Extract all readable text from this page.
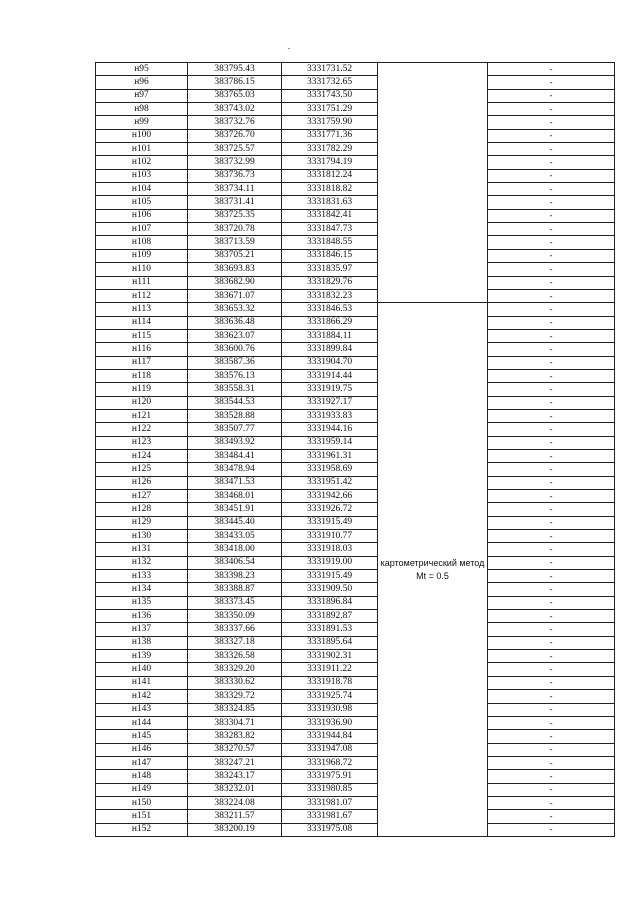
н95	383795.43	3331731.52		-
н96	383786.15	3331732.65		-
н97	383765.03	3331743.50		-
н98	383743.02	3331751.29		-
н99	383732.76	3331759.90		-
н100	383726.70	3331771.36		-
н101	383725.57	3331782.29		-
н102	383732.99	3331794.19		-
н103	383736.73	3331812.24		-
н104	383734.11	3331818.82		-
н105	383731.41	3331831.63		-
н106	383725.35	3331842.41		-
н107	383720.78	3331847.73		-
н108	383713.59	3331848.55		-
н109	383705.21	3331846.15		-
н110	383693.83	3331835.97		-
н111	383682.90	3331829.76		-
н112	383671.07	3331832.23		-
н113	383653.32	3331846.53	картометрический метод Mt = 0.5	-
н114	383636.48	3331866.29		-
н115	383623.07	3331884.11		-
н116	383600.76	3331899.84		-
н117	383587.36	3331904.70		-
н118	383576.13	3331914.44		-
н119	383558.31	3331919.75		-
н120	383544.53	3331927.17		-
н121	383528.88	3331933.83		-
н122	383507.77	3331944.16		-
н123	383493.92	3331959.14		-
н124	383484.41	3331961.31		-
н125	383478.94	3331958.69		-
н126	383471.53	3331951.42		-
н127	383468.01	3331942.66		-
н128	383451.91	3331926.72		-
н129	383445.40	3331915.49		-
н130	383433.05	3331910.77		-
н131	383418.00	3331918.03		-
н132	383406.54	3331919.00		-
н133	383398.23	3331915.49		-
н134	383388.87	3331909.50		-
н135	383373.45	3331896.84		-
н136	383350.09	3331892.87		-
н137	383337.66	3331891.53		-
н138	383327.18	3331895.64		-
н139	383326.58	3331902.31		-
н140	383329.20	3331911.22		-
н141	383330.62	3331918.78		-
н142	383329.72	3331925.74		-
н143	383324.85	3331930.98		-
н144	383304.71	3331936.90		-
н145	383283.82	3331944.84		-
н146	383270.57	3331947.08		-
н147	383247.21	3331968.72		-
н148	383243.17	3331975.91		-
н149	383232.01	3331980.85		-
н150	383224.08	3331981.07		-
н151	383211.57	3331981.67		-
н152	383200.19	3331975.08		-
